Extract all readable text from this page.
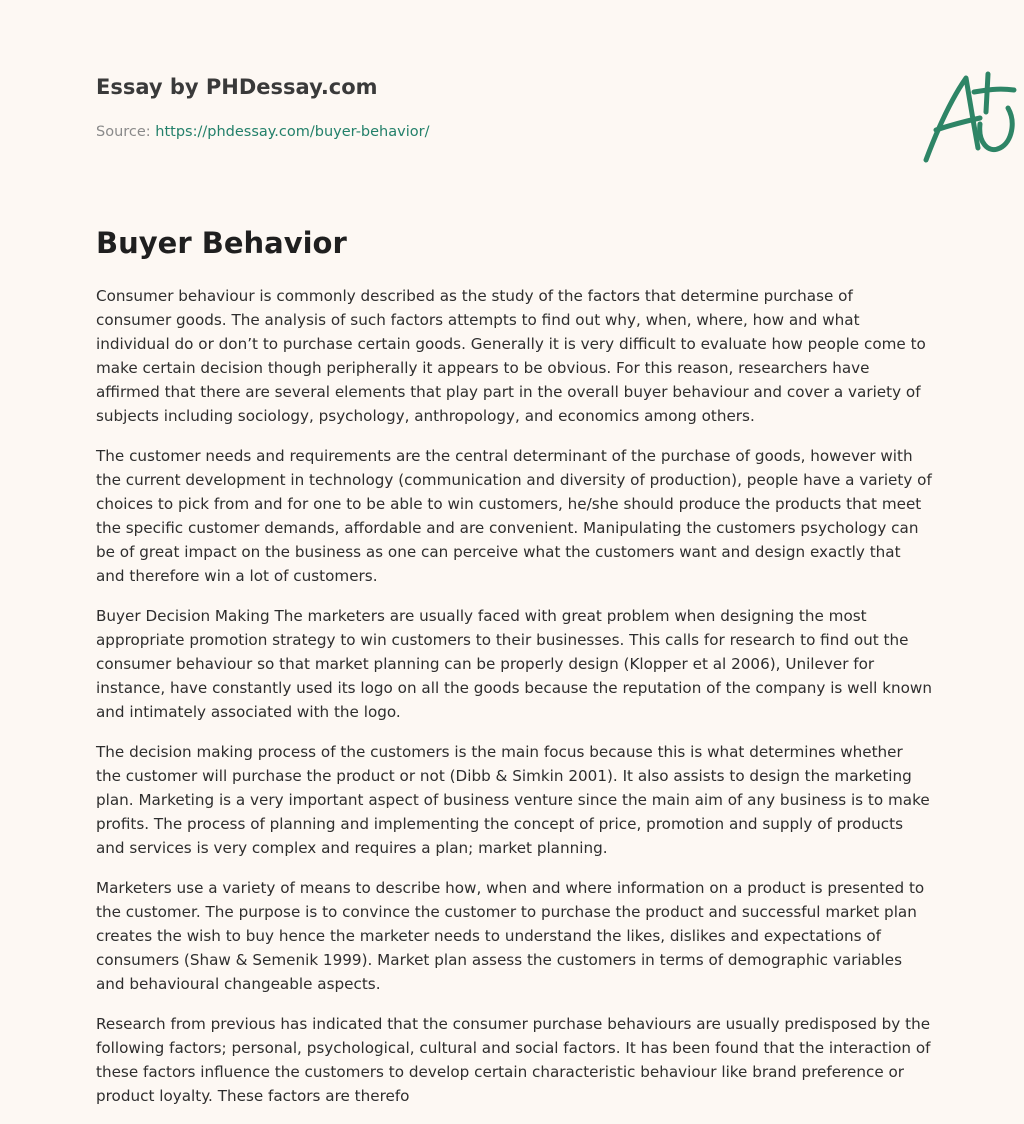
Essay by PHDessay.com
Source: https://phdessay.com/buyer-behavior/
Buyer Behavior

Consumer behaviour is commonly described as the study of the factors that determine purchase of consumer goods. The analysis of such factors attempts to find out why, when, where, how and what individual do or don’t to purchase certain goods. Generally it is very difficult to evaluate how people come to make certain decision though peripherally it appears to be obvious. For this reason, researchers have affirmed that there are several elements that play part in the overall buyer behaviour and cover a variety of subjects including sociology, psychology, anthropology, and economics among others.

The customer needs and requirements are the central determinant of the purchase of goods, however with the current development in technology (communication and diversity of production), people have a variety of choices to pick from and for one to be able to win customers, he/she should produce the products that meet the specific customer demands, affordable and are convenient. Manipulating the customers psychology can be of great impact on the business as one can perceive what the customers want and design exactly that and therefore win a lot of customers.

Buyer Decision Making The marketers are usually faced with great problem when designing the most appropriate promotion strategy to win customers to their businesses. This calls for research to find out the consumer behaviour so that market planning can be properly design (Klopper et al 2006), Unilever for instance, have constantly used its logo on all the goods because the reputation of the company is well known and intimately associated with the logo.

The decision making process of the customers is the main focus because this is what determines whether the customer will purchase the product or not (Dibb & Simkin 2001). It also assists to design the marketing plan. Marketing is a very important aspect of business venture since the main aim of any business is to make profits. The process of planning and implementing the concept of price, promotion and supply of products and services is very complex and requires a plan; market planning.

Marketers use a variety of means to describe how, when and where information on a product is presented to the customer. The purpose is to convince the customer to purchase the product and successful market plan creates the wish to buy hence the marketer needs to understand the likes, dislikes and expectations of consumers (Shaw & Semenik 1999). Market plan assess the customers in terms of demographic variables and behavioural changeable aspects.

Research from previous has indicated that the consumer purchase behaviours are usually predisposed by the following factors; personal, psychological, cultural and social factors. It has been found that the interaction of these factors influence the customers to develop certain characteristic behaviour like brand preference or product loyalty. These factors are therefo
